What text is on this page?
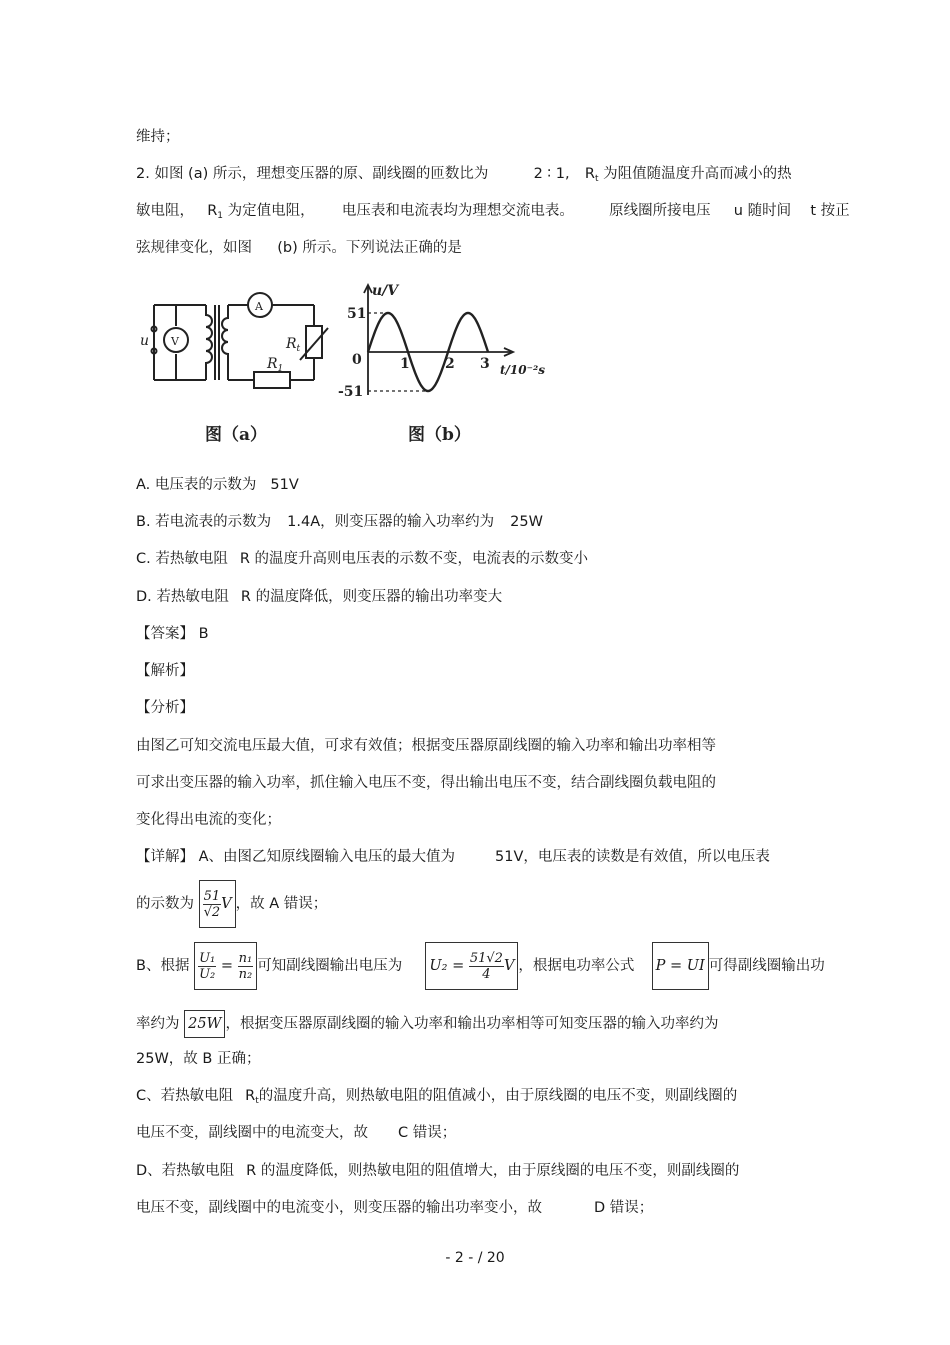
维持；
2. 如图 (a) 所示，理想变压器的原、副线圈的匝数比为	2 ∶ 1, $R_t$ 为阻值随温度升高而减小的热
敏电阻， $R_1$ 为定值电阻， 电压表和电流表均为理想交流电表。 原线圈所接电压 u 随时间 t 按正
弦规律变化，如图 (b) 所示。下列说法正确的是
u V
A
$R_t$
$R_1$
图（a）	图（b）
u/V
51
0
-51
1	2 3 t/10⁻²s
A. 电压表的示数为 51V
B. 若电流表的示数为 1.4A，则变压器的输入功率约为 25W
C. 若热敏电阻 R 的温度升高则电压表的示数不变，电流表的示数变小
D. 若热敏电阻 R 的温度降低，则变压器的输出功率变大
【答案】 B
【解析】
【分析】
由图乙可知交流电压最大值，可求有效值；根据变压器原副线圈的输入功率和输出功率相等
可求出变压器的输入功率，抓住输入电压不变，得出输出电压不变，结合副线圈负载电阻的
变化得出电流的变化；
【详解】 A、由图乙知原线圈输入电压的最大值为	51V，电压表的读数是有效值，所以电压表
的示数为 $\frac{51}{√2}$ V ，故 A 错误；
B、根据 $\frac{\text{U₁}}{\text{U₂}} = \frac{\text{n₁}}{\text{n₂}}$ 可知副线圈输出电压为 $U_2 = \frac{51√2}{4}$ V ，根据电功率公式 P = UI 可得副线圈输出功
率约为 25W ，根据变压器原副线圈的输入功率和输出功率相等可知变压器的输入功率约为
25W，故 B 正确；
C、若热敏电阻 $R_t$的温度升高，则热敏电阻的阻值减小，由于原线圈的电压不变，则副线圈的
电压不变，副线圈中的电流变大，故 C 错误；
D、若热敏电阻 R 的温度降低，则热敏电阻的阻值增大，由于原线圈的电压不变，则副线圈的
电压不变，副线圈中的电流变小，则变压器的输出功率变小，故	D 错误；
- 2 - / 20
